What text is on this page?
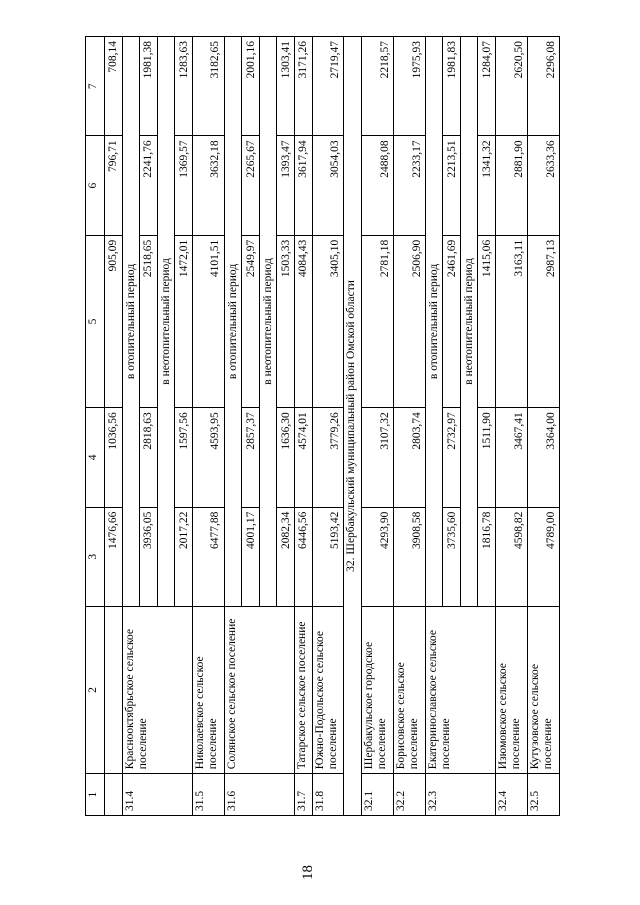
18
1	2	3	4	5	6	7
		1476,66	1036,56	905,09	796,71	708,14
31.4	Краснооктябрьское сельское поселение	в отопительный период				
		3936,05	2818,63	2518,65	2241,76	1981,38
		в неотопительный период				
		2017,22	1597,56	1472,01	1369,57	1283,63
31.5	Николаевское сельское поселение	6477,88	4593,95	4101,51	3632,18	3182,65
31.6	Солянское сельское поселение	в отопительный период				
		4001,17	2857,37	2549,97	2265,67	2001,16
		в неотопительный период				
		2082,34	1636,30	1503,33	1393,47	1303,41
31.7	Татарское сельское поселение	6446,56	4574,01	4084,43	3617,94	3171,26
31.8	Южно-Подольское сельское поселение	5193,42	3779,26	3405,10	3054,03	2719,47
32. Шербакульский муниципальный район Омской области						
32.1	Шербакульское городское поселение	4293,90	3107,32	2781,18	2488,08	2218,57
32.2	Борисовское сельское поселение	3908,58	2803,74	2506,90	2233,17	1975,93
32.3	Екатеринославское сельское поселение	в отопительный период				
		3735,60	2732,97	2461,69	2213,51	1981,83
		в неотопительный период				
		1816,78	1511,90	1415,06	1341,32	1284,07
32.4	Изюмовское сельское поселение	4598,82	3467,41	3163,11	2881,90	2620,50
32.5	Кутузовское сельское поселение	4789,00	3364,00	2987,13	2633,36	2296,08
